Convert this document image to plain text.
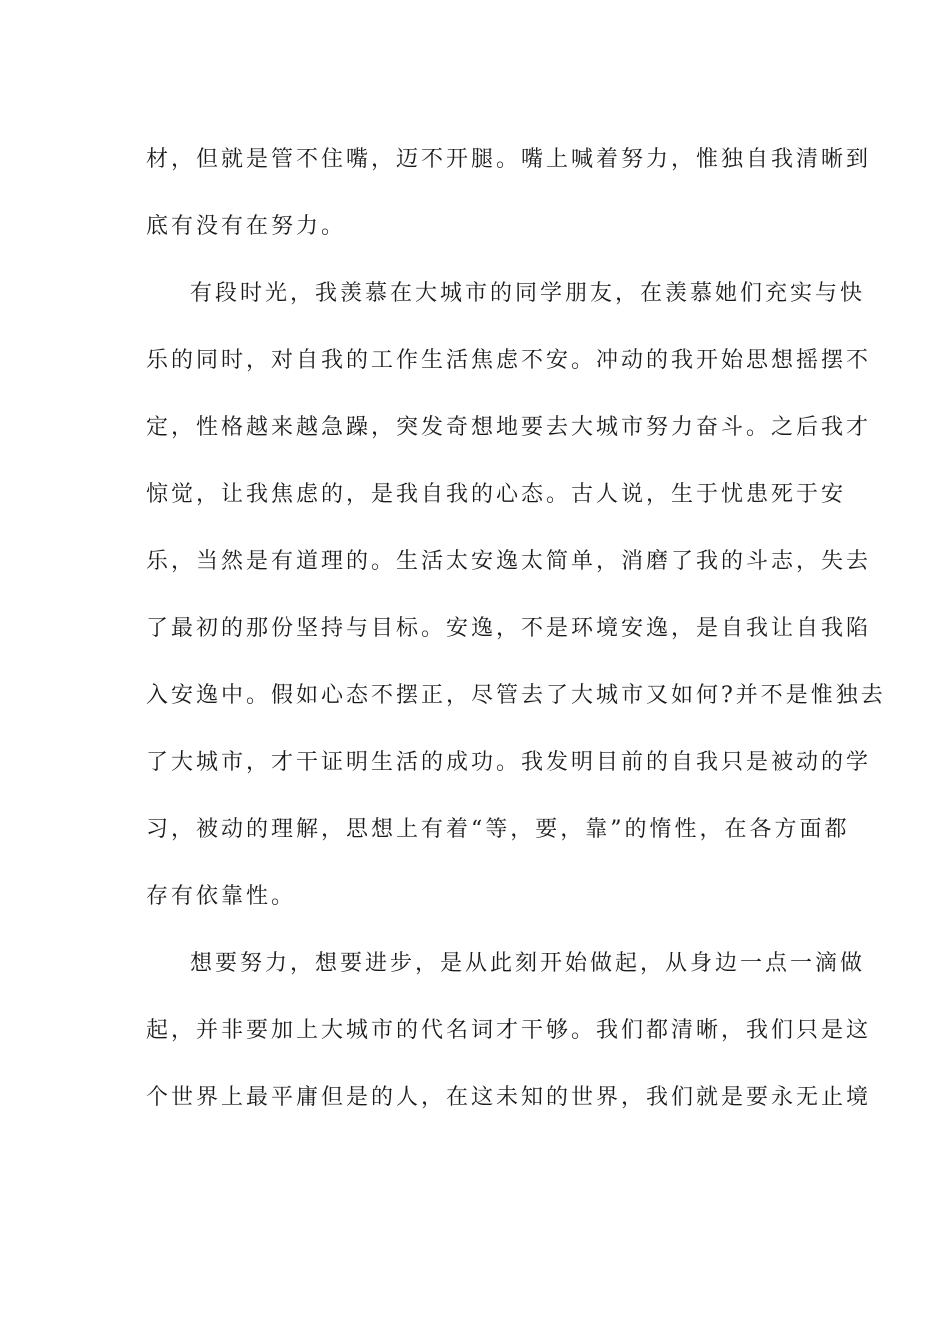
材，但就是管不住嘴，迈不开腿。嘴上喊着努力，惟独自我清晰到
底有没有在努力。
有段时光，我羡慕在大城市的同学朋友，在羡慕她们充实与快
乐的同时，对自我的工作生活焦虑不安。冲动的我开始思想摇摆不
定，性格越来越急躁，突发奇想地要去大城市努力奋斗。之后我才
惊觉，让我焦虑的，是我自我的心态。古人说，生于忧患死于安
乐，当然是有道理的。生活太安逸太简单，消磨了我的斗志，失去
了最初的那份坚持与目标。安逸，不是环境安逸，是自我让自我陷
入安逸中。假如心态不摆正，尽管去了大城市又如何?并不是惟独去
了大城市，才干证明生活的成功。我发明目前的自我只是被动的学
习，被动的理解，思想上有着“等，要，靠”的惰性，在各方面都
存有依靠性。
想要努力，想要进步，是从此刻开始做起，从身边一点一滴做
起，并非要加上大城市的代名词才干够。我们都清晰，我们只是这
个世界上最平庸但是的人，在这未知的世界，我们就是要永无止境
